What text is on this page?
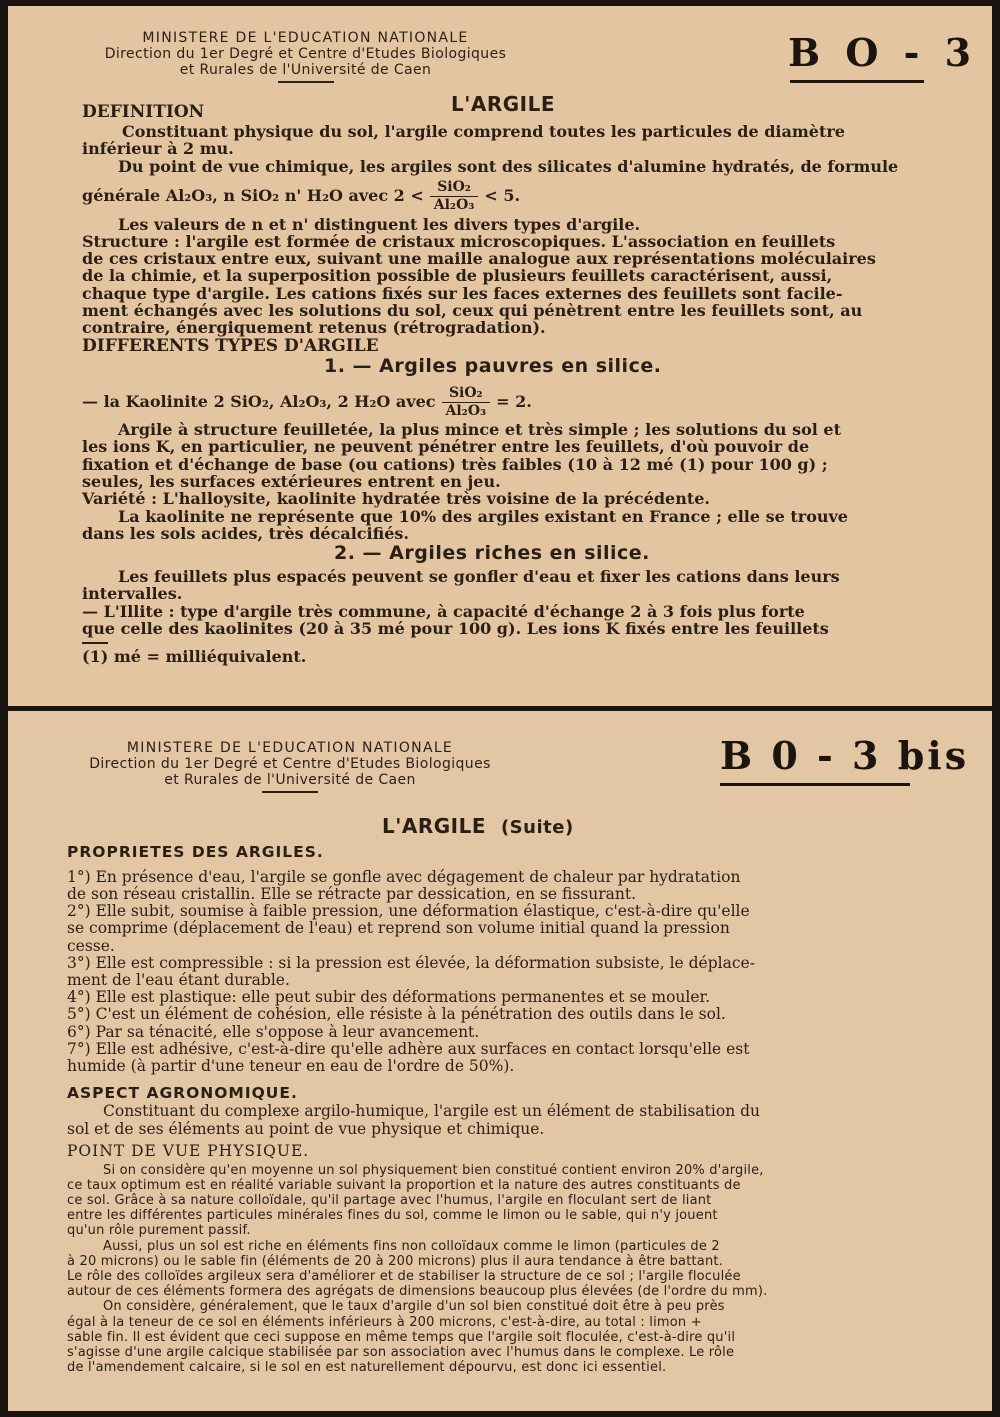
MINISTERE DE L'EDUCATION NATIONALE
Direction du 1er Degré et Centre d'Etudes Biologiques
et Rurales de l'Université de Caen	B O - 3
DEFINITION	L'ARGILE
Constituant physique du sol, l'argile comprend toutes les particules de diamètre
inférieur à 2 mu.
Du point de vue chimique, les argiles sont des silicates d'alumine hydratés, de formule
générale Al₂O₃, n SiO₂ n' H₂O avec $2 < \frac{\text{SiO₂}}{\text{Al₂O₃}} < 5$.
Les valeurs de n et n' distinguent les divers types d'argile.
Structure : l'argile est formée de cristaux microscopiques. L'association en feuillets
de ces cristaux entre eux, suivant une maille analogue aux représentations moléculaires
de la chimie, et la superposition possible de plusieurs feuillets caractérisent, aussi,
chaque type d'argile. Les cations fixés sur les faces externes des feuillets sont facile-
ment échangés avec les solutions du sol, ceux qui pénètrent entre les feuillets sont, au
contraire, énergiquement retenus (rétrogradation).
DIFFERENTS TYPES D'ARGILE
1. — Argiles pauvres en silice.
— la Kaolinite 2 SiO₂, Al₂O₃, 2 H₂O avec $\frac{\text{SiO₂}}{\text{Al₂O₃}} = 2$.
Argile à structure feuilletée, la plus mince et très simple ; les solutions du sol et
les ions K, en particulier, ne peuvent pénétrer entre les feuillets, d'où pouvoir de
fixation et d'échange de base (ou cations) très faibles (10 à 12 mé (1) pour 100 g) ;
seules, les surfaces extérieures entrent en jeu.
Variété : L'halloysite, kaolinite hydratée très voisine de la précédente.
La kaolinite ne représente que 10% des argiles existant en France ; elle se trouve
dans les sols acides, très décalcifiés.
2. — Argiles riches en silice.
Les feuillets plus espacés peuvent se gonfler d'eau et fixer les cations dans leurs
intervalles.
— L'Illite : type d'argile très commune, à capacité d'échange 2 à 3 fois plus forte
que celle des kaolinites (20 à 35 mé pour 100 g). Les ions K fixés entre les feuillets
(1) mé = milliéquivalent.
MINISTERE DE L'EDUCATION NATIONALE
Direction du 1er Degré et Centre d'Etudes Biologiques
et Rurales de l'Université de Caen
B 0 - 3 bis
L'ARGILE (Suite)
PROPRIETES DES ARGILES.
1°) En présence d'eau, l'argile se gonfle avec dégagement de chaleur par hydratation
de son réseau cristallin. Elle se rétracte par dessication, en se fissurant.
2°) Elle subit, soumise à faible pression, une déformation élastique, c'est-à-dire qu'elle
se comprime (déplacement de l'eau) et reprend son volume initial quand la pression
cesse.
3°) Elle est compressible : si la pression est élevée, la déformation subsiste, le déplace-
ment de l'eau étant durable.
4°) Elle est plastique: elle peut subir des déformations permanentes et se mouler.
5°) C'est un élément de cohésion, elle résiste à la pénétration des outils dans le sol.
6°) Par sa ténacité, elle s'oppose à leur avancement.
7°) Elle est adhésive, c'est-à-dire qu'elle adhère aux surfaces en contact lorsqu'elle est
humide (à partir d'une teneur en eau de l'ordre de 50%).
ASPECT AGRONOMIQUE.
Constituant du complexe argilo-humique, l'argile est un élément de stabilisation du
sol et de ses éléments au point de vue physique et chimique.
POINT DE VUE PHYSIQUE.
Si on considère qu'en moyenne un sol physiquement bien constitué contient environ 20% d'argile,
ce taux optimum est en réalité variable suivant la proportion et la nature des autres constituants de
ce sol. Grâce à sa nature colloïdale, qu'il partage avec l'humus, l'argile en floculant sert de liant
entre les différentes particules minérales fines du sol, comme le limon ou le sable, qui n'y jouent
qu'un rôle purement passif.
Aussi, plus un sol est riche en éléments fins non colloïdaux comme le limon (particules de 2
à 20 microns) ou le sable fin (éléments de 20 à 200 microns) plus il aura tendance à être battant.
Le rôle des colloïdes argileux sera d'améliorer et de stabiliser la structure de ce sol ; l'argile floculée
autour de ces éléments formera des agrégats de dimensions beaucoup plus élevées (de l'ordre du mm).
On considère, généralement, que le taux d'argile d'un sol bien constitué doit être à peu près
égal à la teneur de ce sol en éléments inférieurs à 200 microns, c'est-à-dire, au total : limon +
sable fin. Il est évident que ceci suppose en même temps que l'argile soit floculée, c'est-à-dire qu'il
s'agisse d'une argile calcique stabilisée par son association avec l'humus dans le complexe. Le rôle
de l'amendement calcaire, si le sol en est naturellement dépourvu, est donc ici essentiel.
